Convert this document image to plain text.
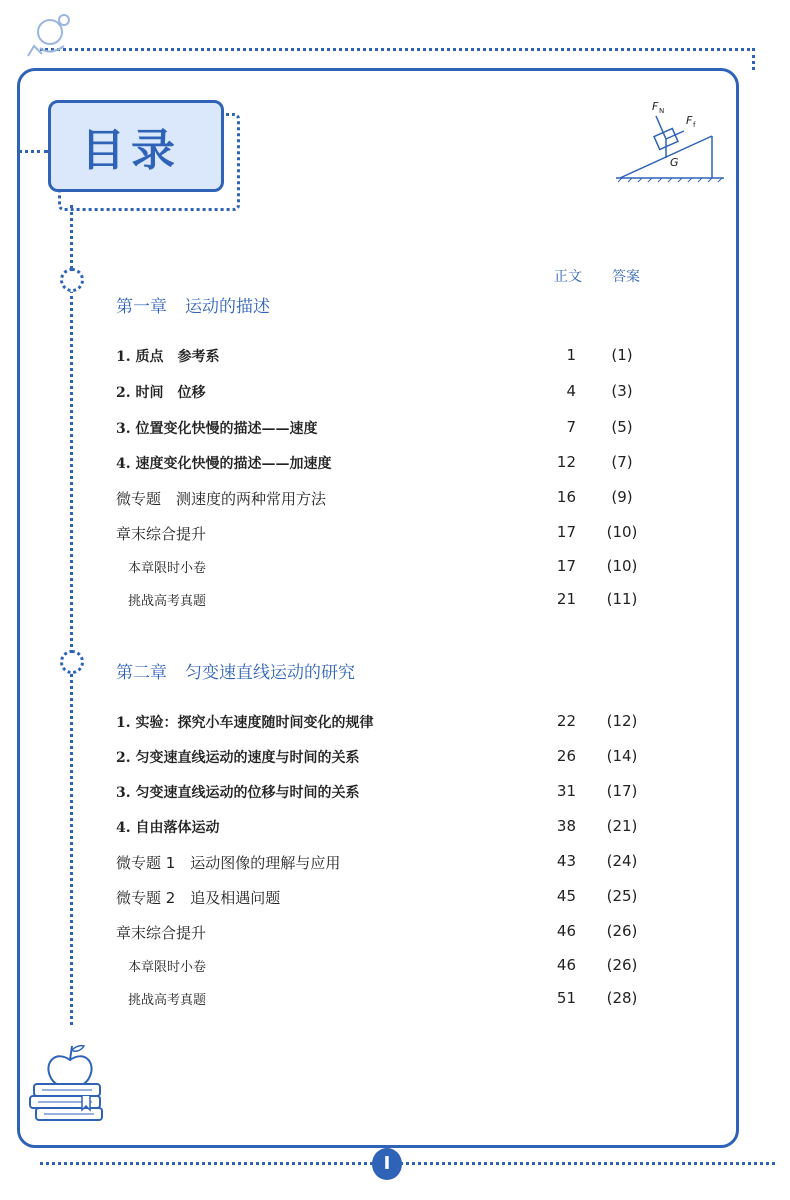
目录
F N
F f
G
正文 答案
第一章 运动的描述
1. 质点　参考系	1	(1)
2. 时间　位移	4	(3)
3. 位置变化快慢的描述——速度	7	(5)
4. 速度变化快慢的描述——加速度	12	(7)
微专题　测速度的两种常用方法	16	(9)
章末综合提升	17	(10)
本章限时小卷	17	(10)
挑战高考真题	21	(11)
第二章 匀变速直线运动的研究
1. 实验：探究小车速度随时间变化的规律	22	(12)
2. 匀变速直线运动的速度与时间的关系	26	(14)
3. 匀变速直线运动的位移与时间的关系	31	(17)
4. 自由落体运动	38	(21)
微专题 1　运动图像的理解与应用	43	(24)
微专题 2　追及相遇问题	45	(25)
章末综合提升	46	(26)
本章限时小卷	46	(26)
挑战高考真题	51	(28)
I
